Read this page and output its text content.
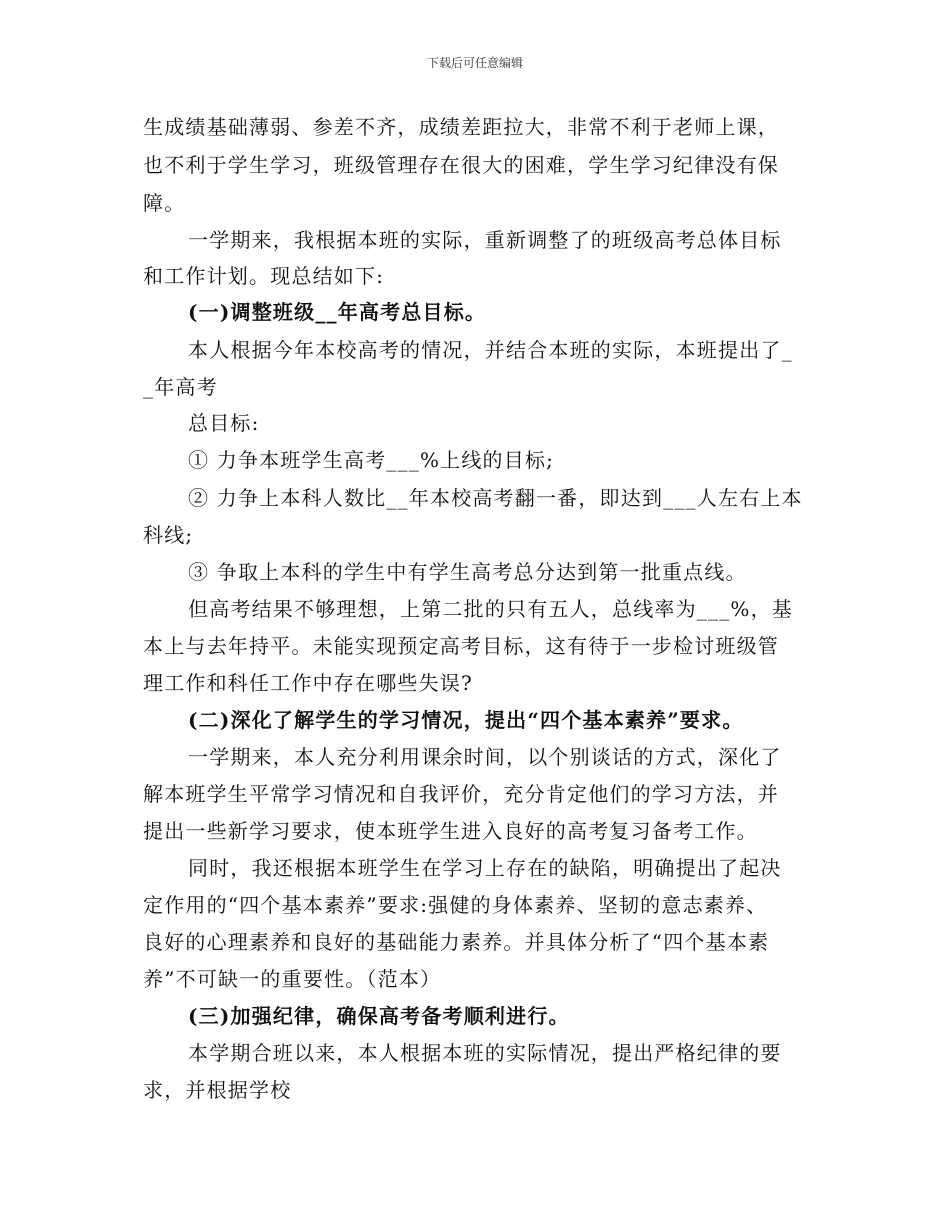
下载后可任意编辑
生成绩基础薄弱、参差不齐，成绩差距拉大，非常不利于老师上课，
也不利于学生学习，班级管理存在很大的困难，学生学习纪律没有保
障。
一学期来，我根据本班的实际，重新调整了的班级高考总体目标
和工作计划。现总结如下:
(一)调整班级__年高考总目标。
本人根据今年本校高考的情况，并结合本班的实际，本班提出了_
_年高考
总目标:
① 力争本班学生高考___%上线的目标;
② 力争上本科人数比__年本校高考翻一番，即达到___人左右上本
科线;
③ 争取上本科的学生中有学生高考总分达到第一批重点线。
但高考结果不够理想，上第二批的只有五人，总线率为___%，基
本上与去年持平。未能实现预定高考目标，这有待于一步检讨班级管
理工作和科任工作中存在哪些失误?
(二)深化了解学生的学习情况，提出“四个基本素养”要求。
一学期来，本人充分利用课余时间，以个别谈话的方式，深化了
解本班学生平常学习情况和自我评价，充分肯定他们的学习方法，并
提出一些新学习要求，使本班学生进入良好的高考复习备考工作。
同时，我还根据本班学生在学习上存在的缺陷，明确提出了起决
定作用的“四个基本素养”要求:强健的身体素养、坚韧的意志素养、
良好的心理素养和良好的基础能力素养。并具体分析了“四个基本素
养”不可缺一的重要性。（范本）
(三)加强纪律，确保高考备考顺利进行。
本学期合班以来，本人根据本班的实际情况，提出严格纪律的要
求，并根据学校
